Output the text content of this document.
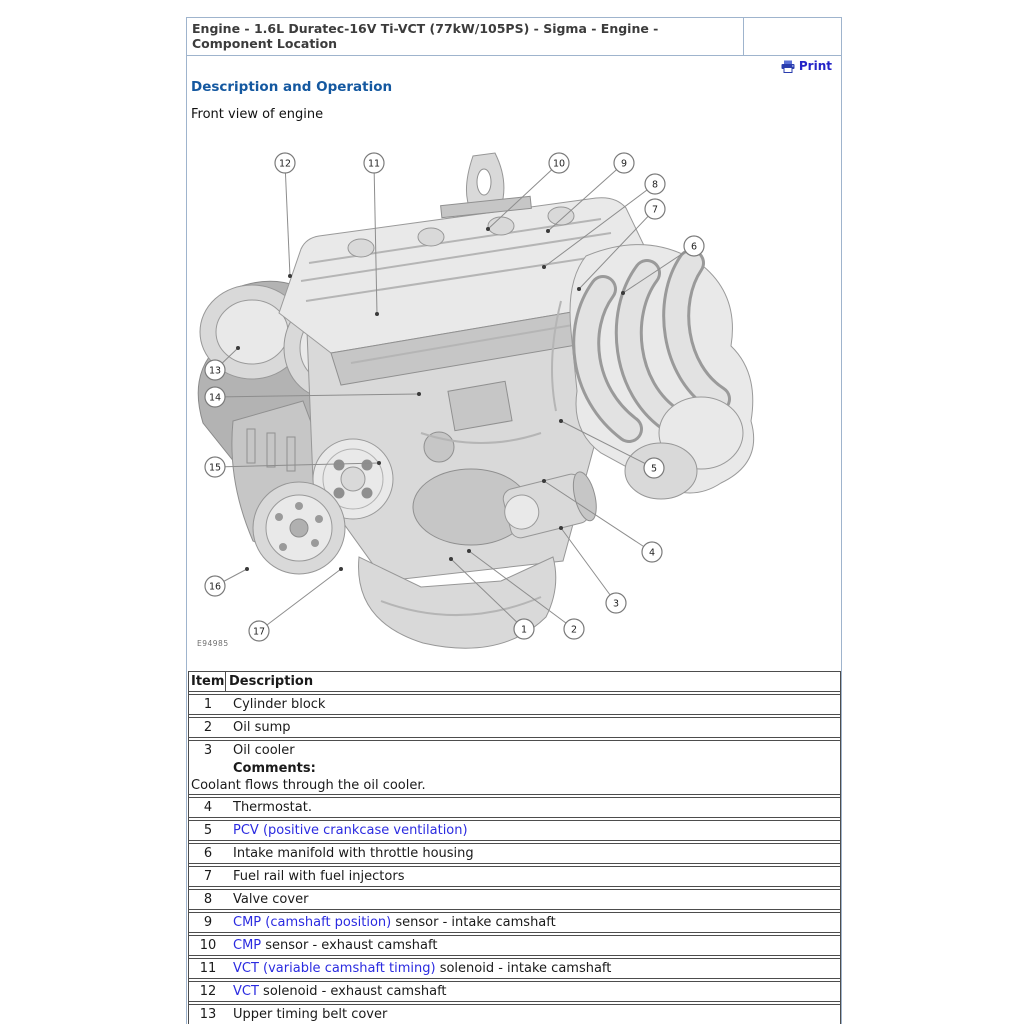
Engine - 1.6L Duratec-16V Ti-VCT (77kW/105PS) - Sigma - Engine - Component Location
Print
Description and Operation
Front view of engine
1	2
3
4
5
6
7
8
9
10
11
12
13
14
15
16
17
E94985
Item Description
1	Cylinder block
2	Oil sump
3	Oil cooler
Comments:
Coolant flows through the oil cooler.
4	Thermostat.
5	PCV (positive crankcase ventilation)
6	Intake manifold with throttle housing
7	Fuel rail with fuel injectors
8	Valve cover
9	CMP (camshaft position) sensor - intake camshaft
10	CMP sensor - exhaust camshaft
11	VCT (variable camshaft timing) solenoid - intake camshaft
12	VCT solenoid - exhaust camshaft
13	Upper timing belt cover
